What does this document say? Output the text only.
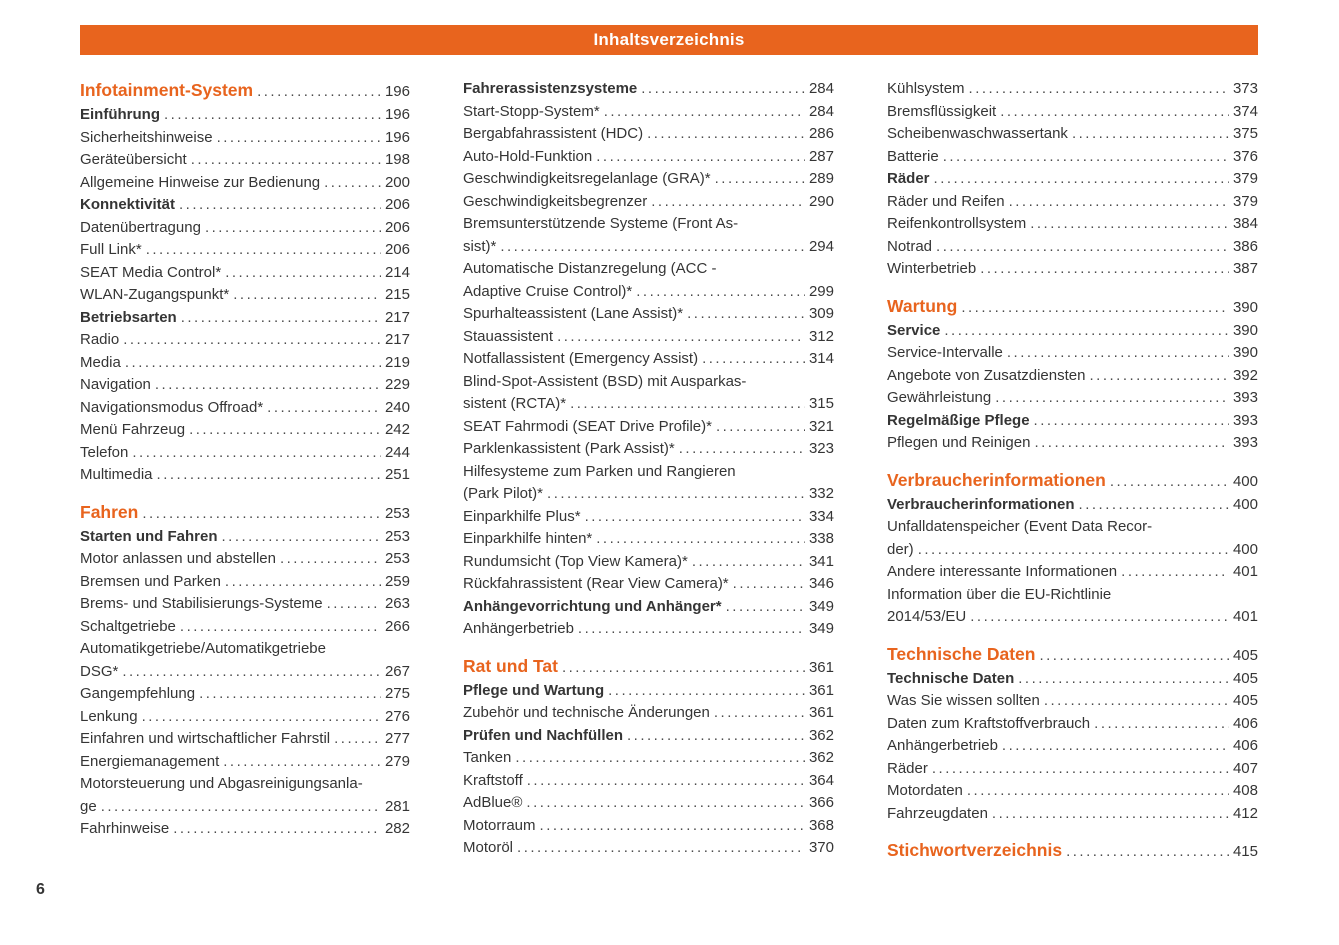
Inhaltsverzeichnis
Infotainment-System .....	196
Einführung .....	196
Sicherheitshinweise .....	196
Geräteübersicht .....	198
Allgemeine Hinweise zur Bedienung .....	200
Konnektivität .....	206
Datenübertragung .....	206
Full Link* .....	206
SEAT Media Control* .....	214
WLAN-Zugangspunkt* .....	215
Betriebsarten .....	217
Radio .....	217
Media .....	219
Navigation .....	229
Navigationsmodus Offroad* .....	240
Menü Fahrzeug .....	242
Telefon .....	244
Multimedia .....	251
Fahren .....	253
Starten und Fahren .....	253
Motor anlassen und abstellen .....	253
Bremsen und Parken .....	259
Brems- und Stabilisierungs-Systeme .....	263
Schaltgetriebe .....	266
Automatikgetriebe/Automatikgetriebe
DSG* .....	267
Gangempfehlung .....	275
Lenkung .....	276
Einfahren und wirtschaftlicher Fahrstil .....	277
Energiemanagement .....	279
Motorsteuerung und Abgasreinigungsanla-
ge .....	281
Fahrhinweise .....	282
Fahrerassistenzsysteme .....	284
Start-Stopp-System* .....	284
Bergabfahrassistent (HDC) .....	286
Auto-Hold-Funktion .....	287
Geschwindigkeitsregelanlage (GRA)* .....	289
Geschwindigkeitsbegrenzer .....	290
Bremsunterstützende Systeme (Front As-
sist)* .....	294
Automatische Distanzregelung (ACC -
Adaptive Cruise Control)* .....	299
Spurhalteassistent (Lane Assist)* .....	309
Stauassistent .....	312
Notfallassistent (Emergency Assist) .....	314
Blind-Spot-Assistent (BSD) mit Ausparkas-
sistent (RCTA)* .....	315
SEAT Fahrmodi (SEAT Drive Profile)* .....	321
Parklenkassistent (Park Assist)* .....	323
Hilfesysteme zum Parken und Rangieren
(Park Pilot)* .....	332
Einparkhilfe Plus* .....	334
Einparkhilfe hinten* .....	338
Rundumsicht (Top View Kamera)* .....	341
Rückfahrassistent (Rear View Camera)* .....	346
Anhängevorrichtung und Anhänger* .....	349
Anhängerbetrieb .....	349
Rat und Tat .....	361
Pflege und Wartung .....	361
Zubehör und technische Änderungen .....	361
Prüfen und Nachfüllen .....	362
Tanken .....	362
Kraftstoff .....	364
AdBlue® .....	366
Motorraum .....	368
Motoröl .....	370
Kühlsystem .....	373
Bremsflüssigkeit .....	374
Scheibenwaschwassertank .....	375
Batterie .....	376
Räder .....	379
Räder und Reifen .....	379
Reifenkontrollsystem .....	384
Notrad .....	386
Winterbetrieb .....	387
Wartung .....	390
Service .....	390
Service-Intervalle .....	390
Angebote von Zusatzdiensten .....	392
Gewährleistung .....	393
Regelmäßige Pflege .....	393
Pflegen und Reinigen .....	393
Verbraucherinformationen .....	400
Verbraucherinformationen .....	400
Unfalldatenspeicher (Event Data Recor-
der) .....	400
Andere interessante Informationen .....	401
Information über die EU-Richtlinie
2014/53/EU .....	401
Technische Daten .....	405
Technische Daten .....	405
Was Sie wissen sollten .....	405
Daten zum Kraftstoffverbrauch .....	406
Anhängerbetrieb .....	406
Räder .....	407
Motordaten .....	408
Fahrzeugdaten .....	412
Stichwortverzeichnis .....	415
6
